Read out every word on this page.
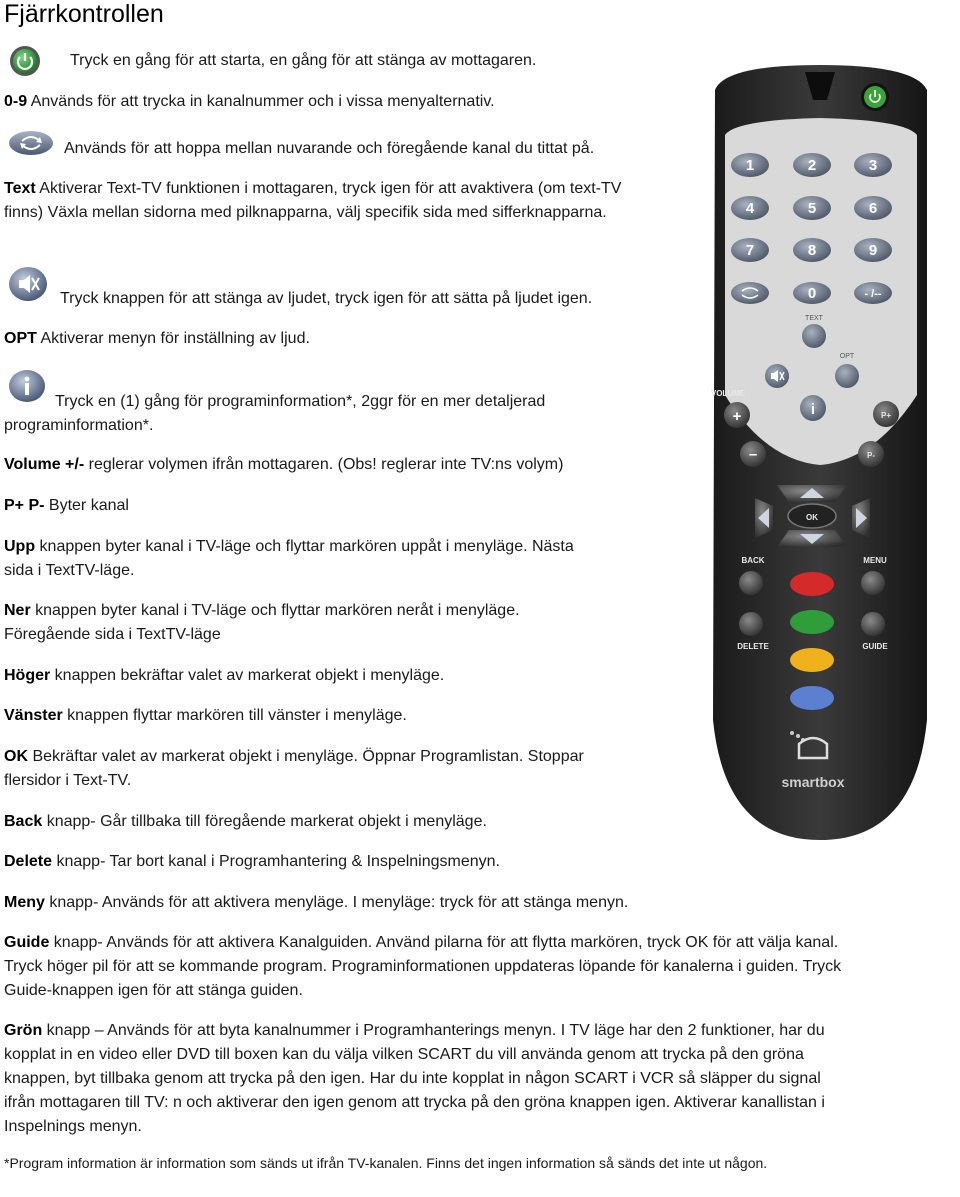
Fjärrkontrollen
Tryck en gång för att starta, en gång för att stänga av mottagaren.
0-9 Används för att trycka in kanalnummer och i vissa menyalternativ.
Används för att hoppa mellan nuvarande och föregående kanal du tittat på.
Text Aktiverar Text-TV funktionen i mottagaren, tryck igen för att avaktivera (om text-TV finns) Växla mellan sidorna med pilknapparna, välj specifik sida med sifferknapparna.
Tryck knappen för att stänga av ljudet, tryck igen för att sätta på ljudet igen.
OPT Aktiverar menyn för inställning av ljud.
Tryck en (1) gång för programinformation*, 2ggr för en mer detaljerad programinformation*.
Volume +/- reglerar volymen ifrån mottagaren. (Obs! reglerar inte TV:ns volym)
P+ P- Byter kanal
Upp knappen byter kanal i TV-läge och flyttar markören uppåt i menyläge. Nästa sida i TextTV-läge.
Ner knappen byter kanal i TV-läge och flyttar markören neråt i menyläge. Föregående sida i TextTV-läge
Höger knappen bekräftar valet av markerat objekt i menyläge.
Vänster knappen flyttar markören till vänster i menyläge.
OK Bekräftar valet av markerat objekt i menyläge. Öppnar Programlistan. Stoppar flersidor i Text-TV.
Back knapp- Går tillbaka till föregående markerat objekt i menyläge.
Delete knapp- Tar bort kanal i Programhantering & Inspelningsmenyn.
Meny knapp- Används för att aktivera menyläge. I menyläge: tryck för att stänga menyn.
Guide knapp- Används för att aktivera Kanalguiden. Använd pilarna för att flytta markören, tryck OK för att välja kanal. Tryck höger pil för att se kommande program. Programinformationen uppdateras löpande för kanalerna i guiden. Tryck Guide-knappen igen för att stänga guiden.
Grön knapp – Används för att byta kanalnummer i Programhanterings menyn. I TV läge har den 2 funktioner, har du kopplat in en video eller DVD till boxen kan du välja vilken SCART du vill använda genom att trycka på den gröna knappen, byt tillbaka genom att trycka på den igen. Har du inte kopplat in någon SCART i VCR så släpper du signal ifrån mottagaren till TV: n och aktiverar den igen genom att trycka på den gröna knappen igen. Aktiverar kanallistan i Inspelnings menyn.
*Program information är information som sänds ut ifrån TV-kanalen. Finns det ingen information så sänds det inte ut någon.
1	2	3
4	5	6
7	8	9
0	- /--
TEXT
OPT
i
VOLUME
+
–
P+
P-
OK
BACK	MENU
DELETE	GUIDE
smartbox
